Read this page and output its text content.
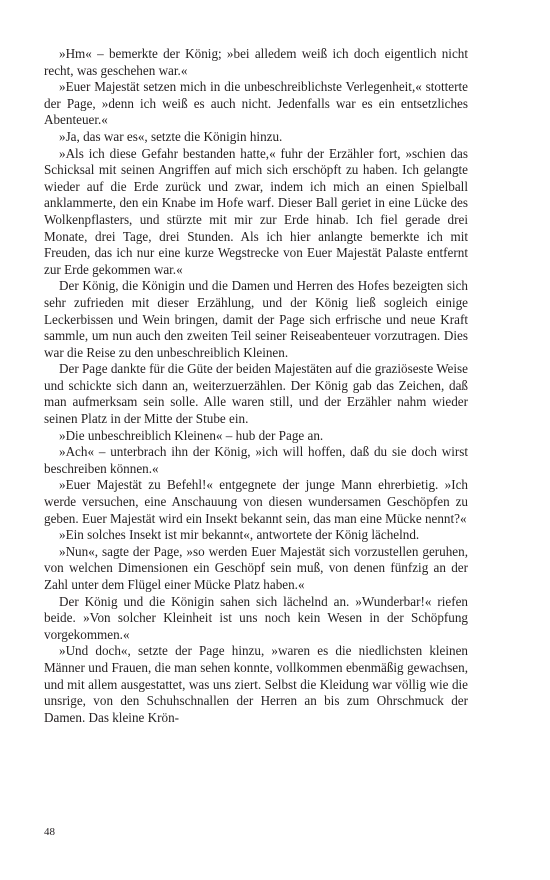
»Hm« – bemerkte der König; »bei alledem weiß ich doch eigentlich nicht recht, was geschehen war.«

»Euer Majestät setzen mich in die unbeschreiblichste Verlegenheit,« stotterte der Page, »denn ich weiß es auch nicht. Jedenfalls war es ein entsetzliches Abenteuer.«

»Ja, das war es«, setzte die Königin hinzu.

»Als ich diese Gefahr bestanden hatte,« fuhr der Erzähler fort, »schien das Schicksal mit seinen Angriffen auf mich sich erschöpft zu haben. Ich gelangte wieder auf die Erde zurück und zwar, indem ich mich an einen Spielball anklammerte, den ein Knabe im Hofe warf. Dieser Ball geriet in eine Lücke des Wolkenpflasters, und stürzte mit mir zur Erde hinab. Ich fiel gerade drei Monate, drei Tage, drei Stunden. Als ich hier anlangte bemerkte ich mit Freuden, das ich nur eine kurze Wegstrecke von Euer Majestät Palaste entfernt zur Erde gekommen war.«

Der König, die Königin und die Damen und Herren des Hofes bezeigten sich sehr zufrieden mit dieser Erzählung, und der König ließ sogleich einige Leckerbissen und Wein bringen, damit der Page sich erfrische und neue Kraft sammle, um nun auch den zweiten Teil seiner Reiseabenteuer vorzutragen. Dies war die Reise zu den unbeschreiblich Kleinen.

Der Page dankte für die Güte der beiden Majestäten auf die graziöseste Weise und schickte sich dann an, weiterzuerzählen. Der König gab das Zeichen, daß man aufmerksam sein solle. Alle waren still, und der Erzähler nahm wieder seinen Platz in der Mitte der Stube ein.

»Die unbeschreiblich Kleinen« – hub der Page an.

»Ach« – unterbrach ihn der König, »ich will hoffen, daß du sie doch wirst beschreiben können.«

»Euer Majestät zu Befehl!« entgegnete der junge Mann ehrerbietig. »Ich werde versuchen, eine Anschauung von diesen wundersamen Geschöpfen zu geben. Euer Majestät wird ein Insekt bekannt sein, das man eine Mücke nennt?«

»Ein solches Insekt ist mir bekannt«, antwortete der König lächelnd.

»Nun«, sagte der Page, »so werden Euer Majestät sich vorzustellen geruhen, von welchen Dimensionen ein Geschöpf sein muß, von denen fünfzig an der Zahl unter dem Flügel einer Mücke Platz haben.«

Der König und die Königin sahen sich lächelnd an. »Wunderbar!« riefen beide. »Von solcher Kleinheit ist uns noch kein Wesen in der Schöpfung vorgekommen.«

»Und doch«, setzte der Page hinzu, »waren es die niedlichsten kleinen Männer und Frauen, die man sehen konnte, vollkommen ebenmäßig gewachsen, und mit allem ausgestattet, was uns ziert. Selbst die Kleidung war völlig wie die unsrige, von den Schuhschnallen der Herren an bis zum Ohrschmuck der Damen. Das kleine Krön-

48
